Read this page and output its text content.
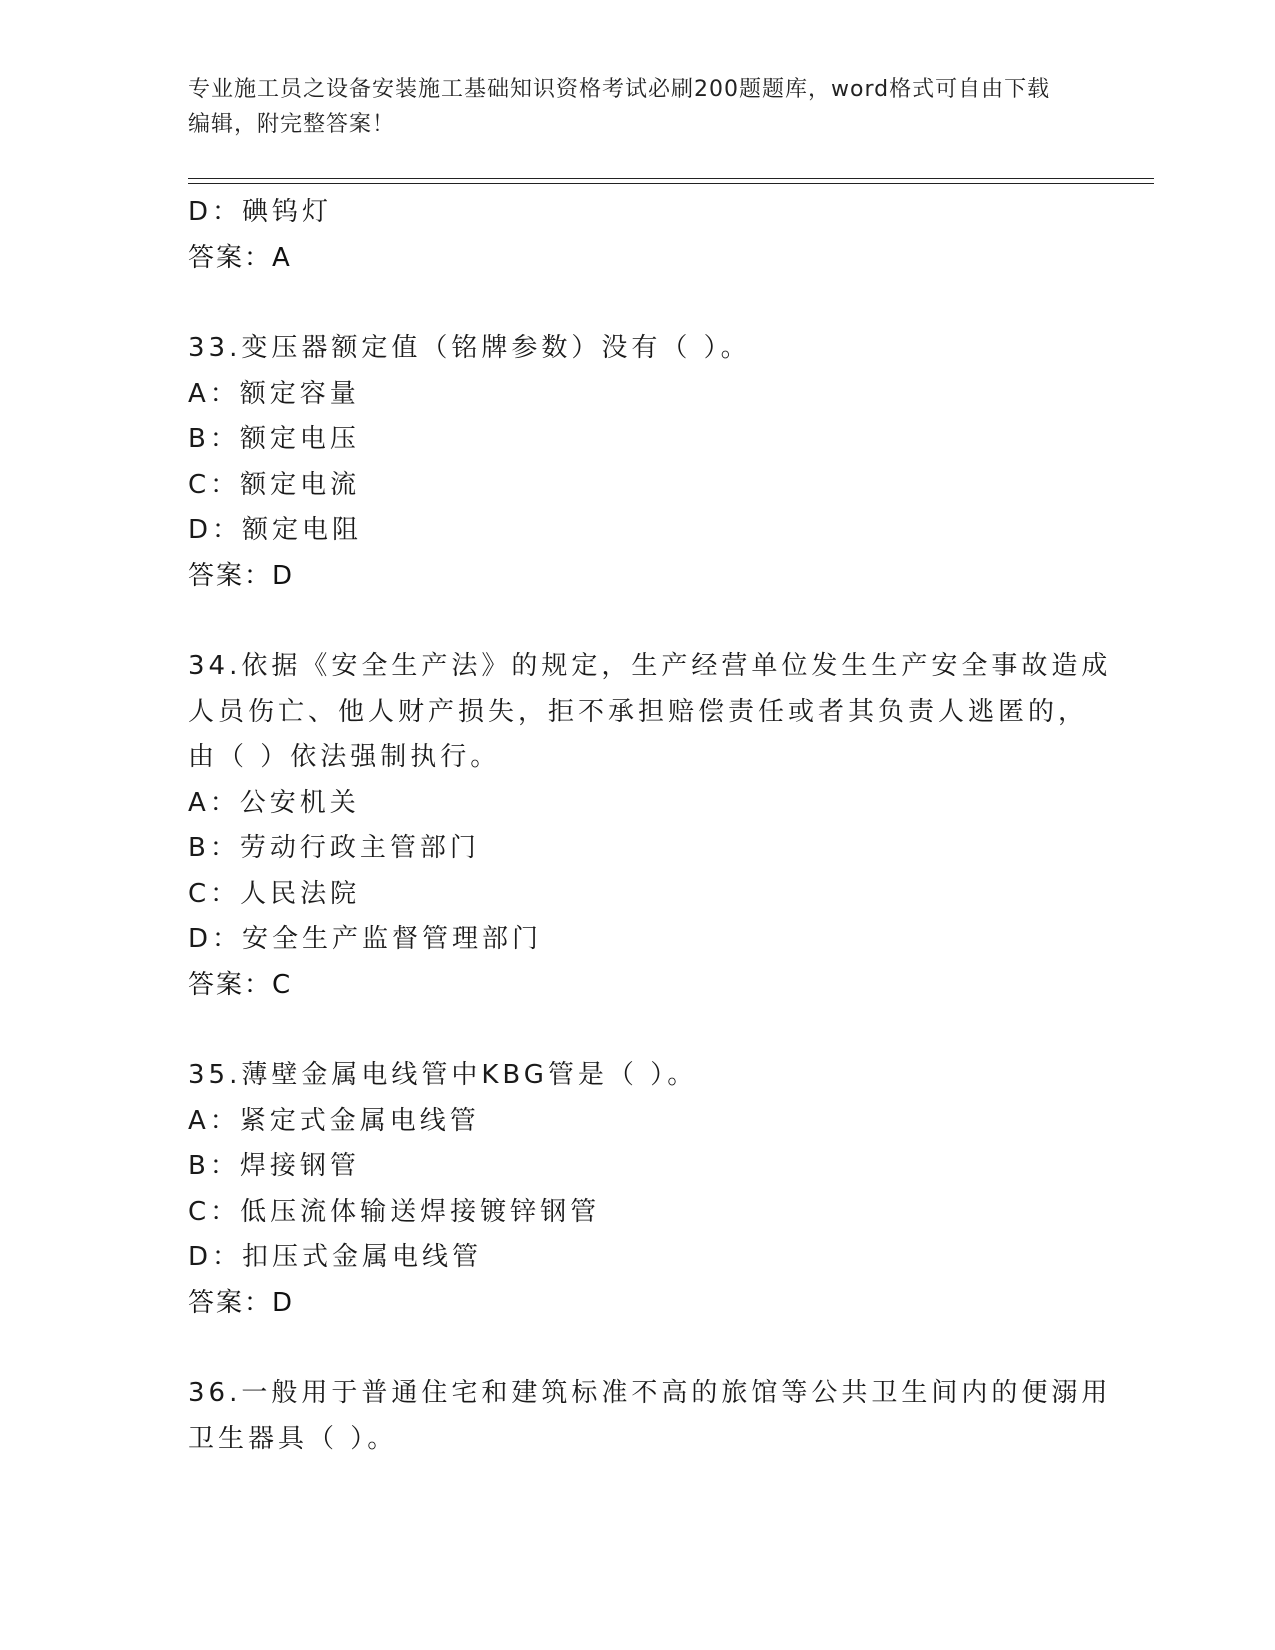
专业施工员之设备安装施工基础知识资格考试必刷200题题库，word格式可自由下载编辑，附完整答案！
D：碘钨灯
答案：A
33.变压器额定值（铭牌参数）没有（ ）。
A：额定容量
B：额定电压
C：额定电流
D：额定电阻
答案：D
34.依据《安全生产法》的规定，生产经营单位发生生产安全事故造成
人员伤亡、他人财产损失，拒不承担赔偿责任或者其负责人逃匿的，
由（ ）依法强制执行。
A：公安机关
B：劳动行政主管部门
C：人民法院
D：安全生产监督管理部门
答案：C
35.薄壁金属电线管中KBG管是（ ）。
A：紧定式金属电线管
B：焊接钢管
C：低压流体输送焊接镀锌钢管
D：扣压式金属电线管
答案：D
36.一般用于普通住宅和建筑标准不高的旅馆等公共卫生间内的便溺用
卫生器具（ ）。
